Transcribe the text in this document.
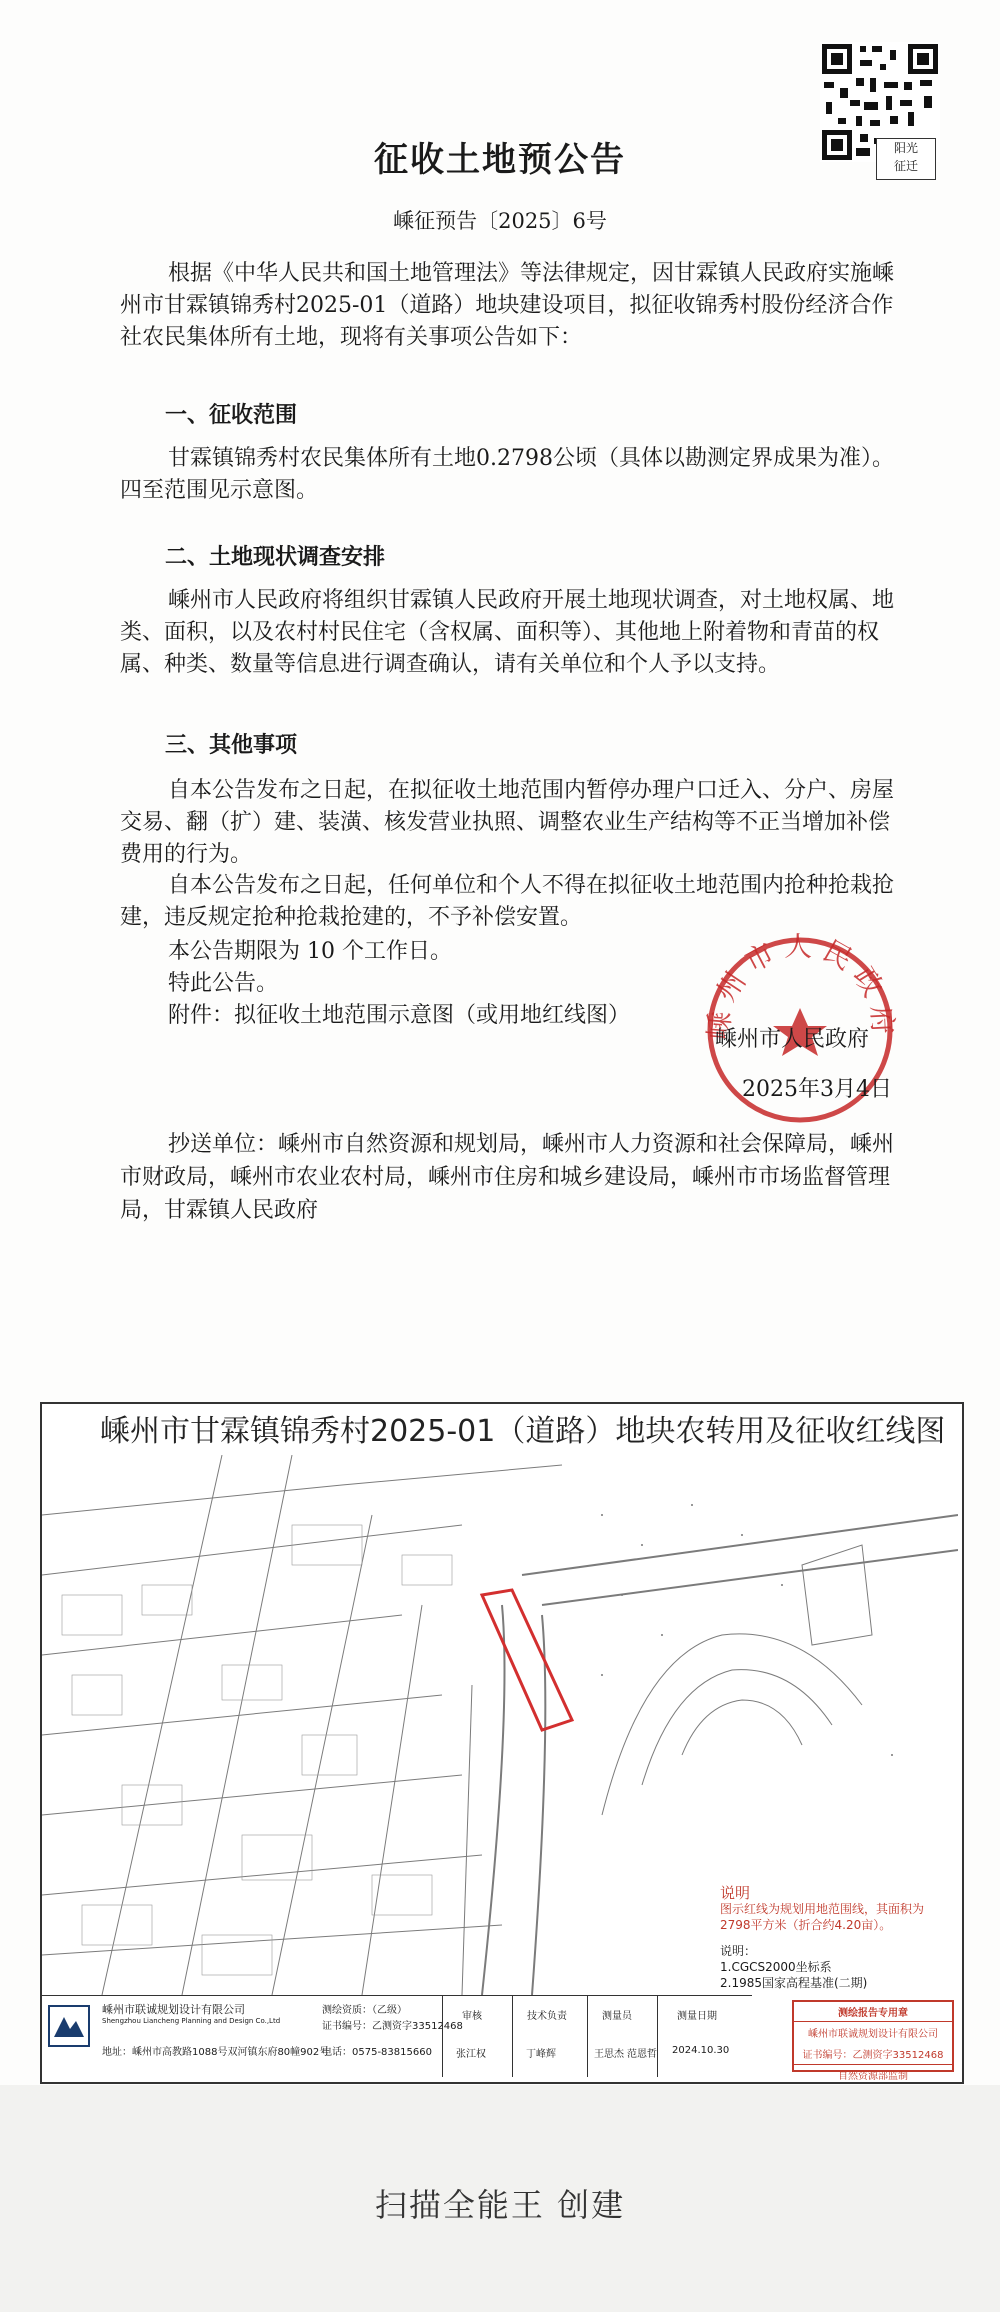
阳光
征迁
征收土地预公告
嵊征预告〔2025〕6号
根据《中华人民共和国土地管理法》等法律规定，因甘霖镇人民政府实施嵊州市甘霖镇锦秀村2025-01（道路）地块建设项目，拟征收锦秀村股份经济合作社农民集体所有土地，现将有关事项公告如下：
一、征收范围
甘霖镇锦秀村农民集体所有土地0.2798公顷（具体以勘测定界成果为准）。四至范围见示意图。
二、土地现状调查安排
嵊州市人民政府将组织甘霖镇人民政府开展土地现状调查，对土地权属、地类、面积，以及农村村民住宅（含权属、面积等）、其他地上附着物和青苗的权属、种类、数量等信息进行调查确认，请有关单位和个人予以支持。
三、其他事项
自本公告发布之日起，在拟征收土地范围内暂停办理户口迁入、分户、房屋交易、翻（扩）建、装潢、核发营业执照、调整农业生产结构等不正当增加补偿费用的行为。
自本公告发布之日起，任何单位和个人不得在拟征收土地范围内抢种抢栽抢建，违反规定抢种抢栽抢建的，不予补偿安置。
本公告期限为 10 个工作日。
特此公告。
附件：拟征收土地范围示意图（或用地红线图）	嵊州市人民政府
嵊州市人民政府
2025年3月4日
抄送单位：嵊州市自然资源和规划局，嵊州市人力资源和社会保障局，嵊州市财政局，嵊州市农业农村局，嵊州市住房和城乡建设局，嵊州市市场监督管理局，甘霖镇人民政府
嵊州市甘霖镇锦秀村2025-01（道路）地块农转用及征收红线图
说明
图示红线为规划用地范围线，其面积为2798平方米（折合约4.20亩）。
说明：
1.CGCS2000坐标系
2.1985国家高程基准(二期)
测绘报告专用章
嵊州市联诚规划设计有限公司
证书编号：乙测资字33512468
自然资源部监制
嵊州市联诚规划设计有限公司
Shengzhou Liancheng Planning and Design Co.,Ltd
地址：嵊州市高教路1088号双河镇东府80幢902号
电话：0575-83815660
测绘资质：（乙级）
证书编号：乙测资字33512468
审核	技术负责	测量员	测量日期
张江权	丁峰辉	王思杰 范恩哲 2024.10.30
扫描全能王 创建
